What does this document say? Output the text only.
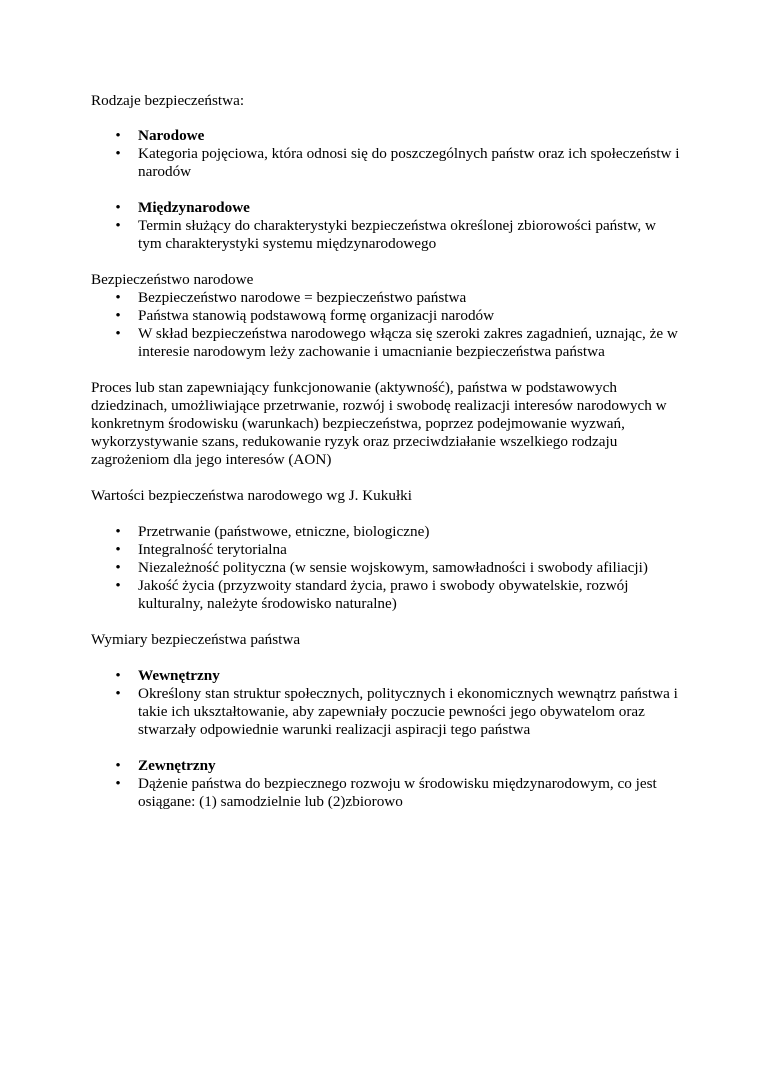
Rodzaje bezpieczeństwa:

• Narodowe
• Kategoria pojęciowa, która odnosi się do poszczególnych państw oraz ich społeczeństw i narodów
• Międzynarodowe
• Termin służący do charakterystyki bezpieczeństwa określonej zbiorowości państw, w tym charakterystyki systemu międzynarodowego

Bezpieczeństwo narodowe

• Bezpieczeństwo narodowe = bezpieczeństwo państwa
• Państwa stanowią podstawową formę organizacji narodów
• W skład bezpieczeństwa narodowego włącza się szeroki zakres zagadnień, uznając, że w interesie narodowym leży zachowanie i umacnianie bezpieczeństwa państwa

Proces lub stan zapewniający funkcjonowanie (aktywność), państwa w podstawowych dziedzinach, umożliwiające przetrwanie, rozwój i swobodę realizacji interesów narodowych w konkretnym środowisku (warunkach) bezpieczeństwa, poprzez podejmowanie wyzwań, wykorzystywanie szans, redukowanie ryzyk oraz przeciwdziałanie wszelkiego rodzaju zagrożeniom dla jego interesów (AON)

Wartości bezpieczeństwa narodowego wg J. Kukułki

• Przetrwanie (państwowe, etniczne, biologiczne)
• Integralność terytorialna
• Niezależność polityczna (w sensie wojskowym, samowładności i swobody afiliacji)
• Jakość życia (przyzwoity standard życia, prawo i swobody obywatelskie, rozwój kulturalny, należyte środowisko naturalne)

Wymiary bezpieczeństwa państwa

• Wewnętrzny
• Określony stan struktur społecznych, politycznych i ekonomicznych wewnątrz państwa i takie ich ukształtowanie, aby zapewniały poczucie pewności jego obywatelom oraz stwarzały odpowiednie warunki realizacji aspiracji tego państwa
• Zewnętrzny
• Dążenie państwa do bezpiecznego rozwoju w środowisku międzynarodowym, co jest osiągane: (1) samodzielnie lub (2)zbiorowo
